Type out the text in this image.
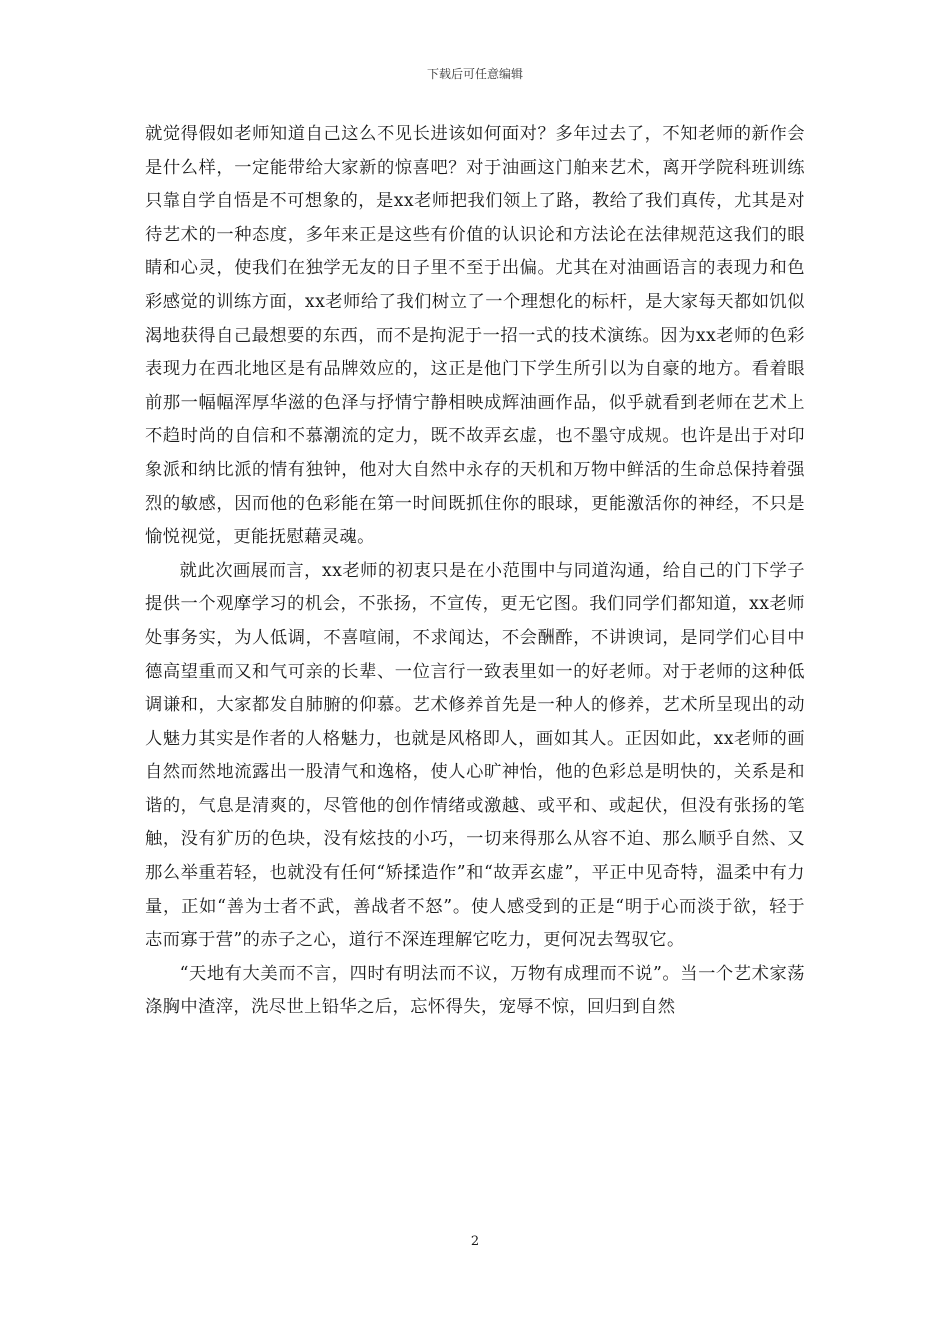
下载后可任意编辑

就觉得假如老师知道自己这么不见长进该如何面对？多年过去了，不知老师的新作会是什么样，一定能带给大家新的惊喜吧？对于油画这门舶来艺术，离开学院科班训练只靠自学自悟是不可想象的，是xx老师把我们领上了路，教给了我们真传，尤其是对待艺术的一种态度，多年来正是这些有价值的认识论和方法论在法律规范这我们的眼睛和心灵，使我们在独学无友的日子里不至于出偏。尤其在对油画语言的表现力和色彩感觉的训练方面，xx老师给了我们树立了一个理想化的标杆，是大家每天都如饥似渴地获得自己最想要的东西，而不是拘泥于一招一式的技术演练。因为xx老师的色彩表现力在西北地区是有品牌效应的，这正是他门下学生所引以为自豪的地方。看着眼前那一幅幅浑厚华滋的色泽与抒情宁静相映成辉油画作品，似乎就看到老师在艺术上不趋时尚的自信和不慕潮流的定力，既不故弄玄虚，也不墨守成规。也许是出于对印象派和纳比派的情有独钟，他对大自然中永存的天机和万物中鲜活的生命总保持着强烈的敏感，因而他的色彩能在第一时间既抓住你的眼球，更能激活你的神经，不只是愉悦视觉，更能抚慰藉灵魂。

就此次画展而言，xx老师的初衷只是在小范围中与同道沟通，给自己的门下学子提供一个观摩学习的机会，不张扬，不宣传，更无它图。我们同学们都知道，xx老师处事务实，为人低调，不喜喧闹，不求闻达，不会酬酢，不讲谀词，是同学们心目中德高望重而又和气可亲的长辈、一位言行一致表里如一的好老师。对于老师的这种低调谦和，大家都发自肺腑的仰慕。艺术修养首先是一种人的修养，艺术所呈现出的动人魅力其实是作者的人格魅力，也就是风格即人，画如其人。正因如此，xx老师的画自然而然地流露出一股清气和逸格，使人心旷神怡，他的色彩总是明快的，关系是和谐的，气息是清爽的，尽管他的创作情绪或激越、或平和、或起伏，但没有张扬的笔触，没有犷历的色块，没有炫技的小巧，一切来得那么从容不迫、那么顺乎自然、又那么举重若轻，也就没有任何“矫揉造作”和“故弄玄虚”，平正中见奇特，温柔中有力量，正如“善为士者不武，善战者不怒”。使人感受到的正是“明于心而淡于欲，轻于志而寡于营”的赤子之心，道行不深连理解它吃力，更何况去驾驭它。

“天地有大美而不言，四时有明法而不议，万物有成理而不说”。当一个艺术家荡涤胸中渣滓，洗尽世上铅华之后，忘怀得失，宠辱不惊，回归到自然

2
